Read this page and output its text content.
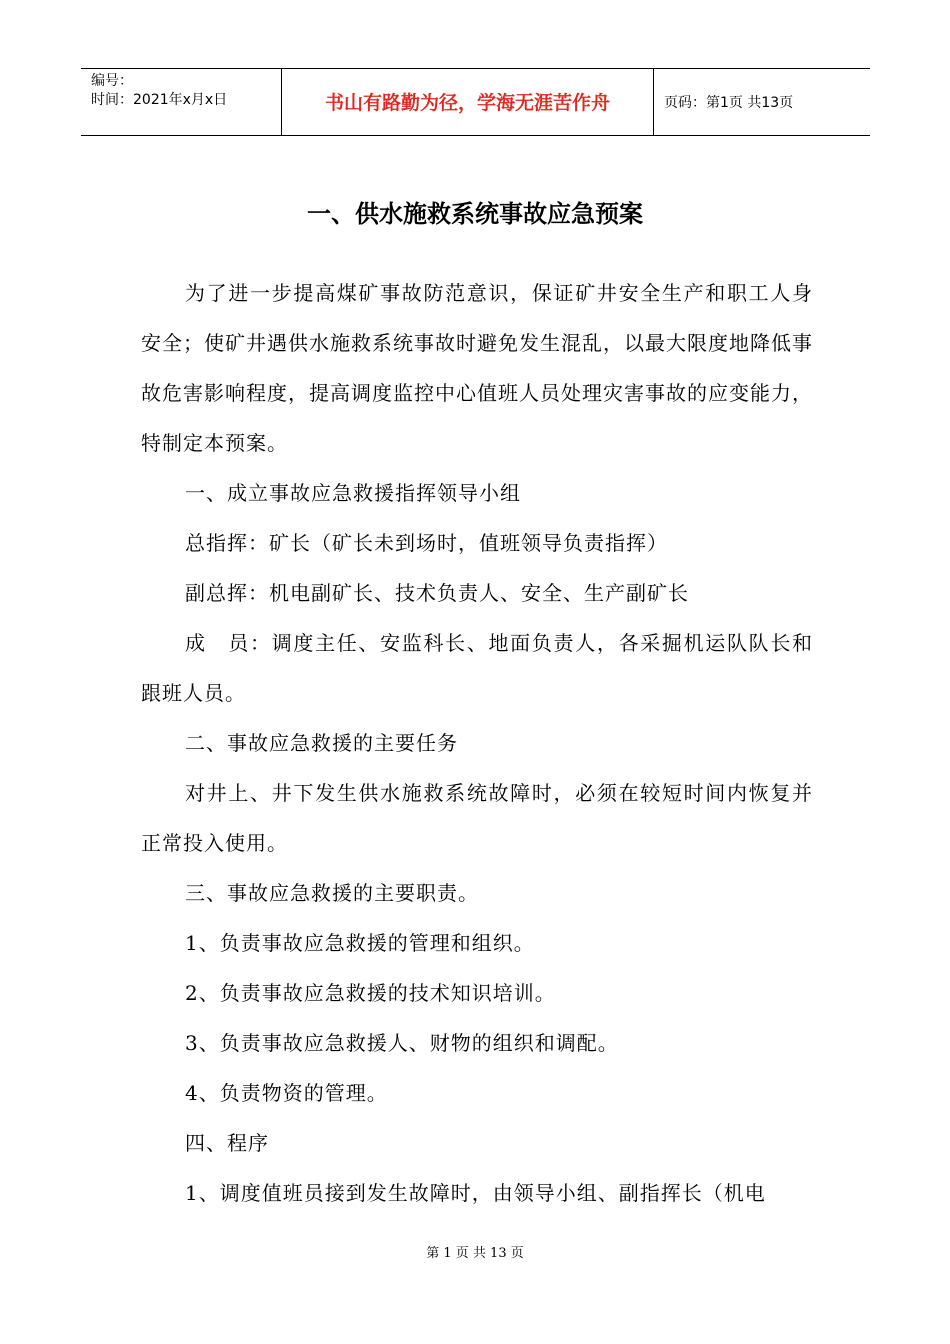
编号：
时间：2021年x月x日	书山有路勤为径，学海无涯苦作舟	页码：第1页 共13页
一、供水施救系统事故应急预案
为了进一步提高煤矿事故防范意识，保证矿井安全生产和职工人身安全；使矿井遇供水施救系统事故时避免发生混乱，以最大限度地降低事故危害影响程度，提高调度监控中心值班人员处理灾害事故的应变能力，特制定本预案。
一、成立事故应急救援指挥领导小组
总指挥：矿长（矿长未到场时，值班领导负责指挥）
副总挥：机电副矿长、技术负责人、安全、生产副矿长
成　员：调度主任、安监科长、地面负责人，各采掘机运队队长和跟班人员。
二、事故应急救援的主要任务
对井上、井下发生供水施救系统故障时，必须在较短时间内恢复并正常投入使用。
三、事故应急救援的主要职责。
1、负责事故应急救援的管理和组织。
2、负责事故应急救援的技术知识培训。
3、负责事故应急救援人、财物的组织和调配。
4、负责物资的管理。
四、程序
1、调度值班员接到发生故障时，由领导小组、副指挥长（机电
第 1 页 共 13 页
